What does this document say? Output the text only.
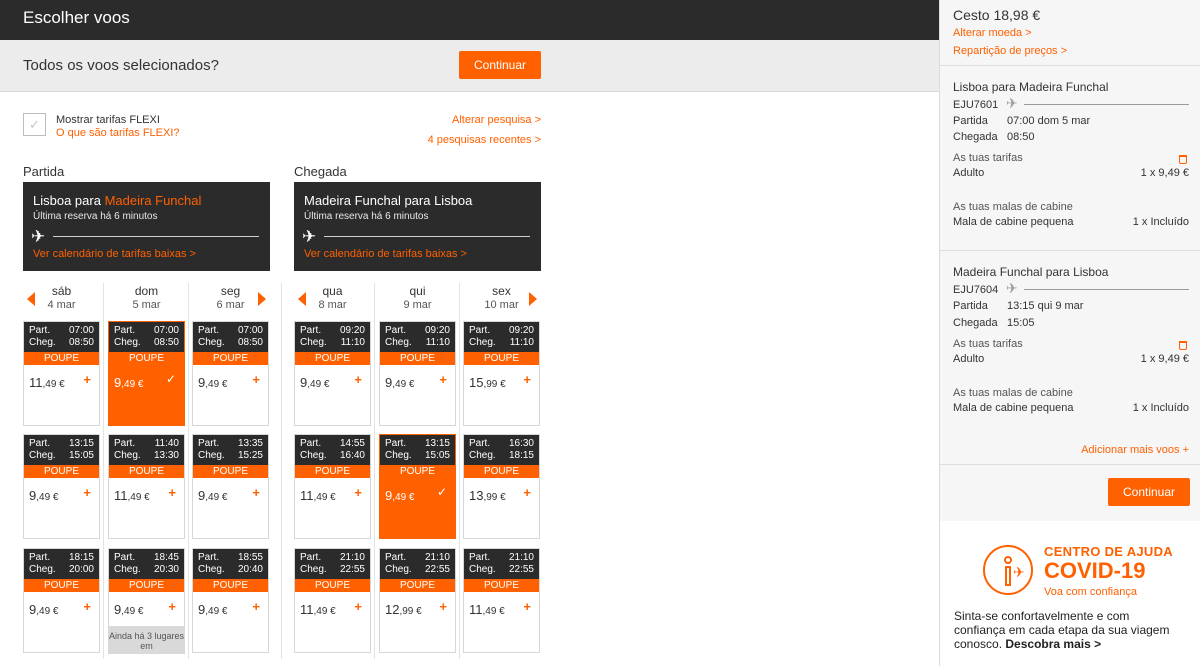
Escolher voos
Todos os voos selecionados?	Continuar
✓	Mostrar tarifas FLEXI
O que são tarifas FLEXI?
Alterar pesquisa >
4 pesquisas recentes >
Partida	Chegada
Lisboa para Madeira Funchal
Última reserva há 6 minutos
✈
Ver calendário de tarifas baixas >
Madeira Funchal para Lisboa
Última reserva há 6 minutos
✈
Ver calendário de tarifas baixas >
sáb
4 mar
Part. 07:00
Cheg. 08:50
POUPE
11,49 € +
Part. 13:15
Cheg. 15:05
POUPE
9,49 € +
Part. 18:15
Cheg. 20:00
POUPE
9,49 € +
dom
5 mar
Part. 07:00
Cheg. 08:50
POUPE
9,49 € ✓
Part. 11:40
Cheg. 13:30
POUPE
11,49 € +
Part. 18:45
Cheg. 20:30
POUPE
9,49 € +
Ainda há 3 lugares em
seg
6 mar
Part. 07:00
Cheg. 08:50
POUPE
9,49 € +
Part. 13:35
Cheg. 15:25
POUPE
9,49 € +
Part. 18:55
Cheg. 20:40
POUPE
9,49 € +
qua
8 mar
Part. 09:20
Cheg. 11:10
POUPE
9,49 € +
Part. 14:55
Cheg. 16:40
POUPE
11,49 € +
Part. 21:10
Cheg. 22:55
POUPE
11,49 € +
qui
9 mar
Part. 09:20
Cheg. 11:10
POUPE
9,49 € +
Part. 13:15
Cheg. 15:05
POUPE
9,49 € ✓
Part. 21:10
Cheg. 22:55
POUPE
12,99 € +
sex
10 mar
Part. 09:20
Cheg. 11:10
POUPE
15,99 € +
Part. 16:30
Cheg. 18:15
POUPE
13,99 € +
Part. 21:10
Cheg. 22:55
POUPE
11,49 € +
Cesto 18,98 €
Alterar moeda >
Repartição de preços >
Lisboa para Madeira Funchal
EJU7601 ✈
Partida 07:00 dom 5 mar
Chegada 08:50
As tuas tarifas
Adulto	1 x 9,49 €
As tuas malas de cabine
Mala de cabine pequena	1 x Incluído
Madeira Funchal para Lisboa
EJU7604 ✈
Partida 13:15 qui 9 mar
Chegada 15:05
As tuas tarifas
Adulto	1 x 9,49 €
As tuas malas de cabine
Mala de cabine pequena	1 x Incluído
Adicionar mais voos +
Continuar
✈
CENTRO DE AJUDA
COVID-19
Voa com confiança
Sinta-se confortavelmente e com confiança em cada etapa da sua viagem conosco. Descobra mais >
